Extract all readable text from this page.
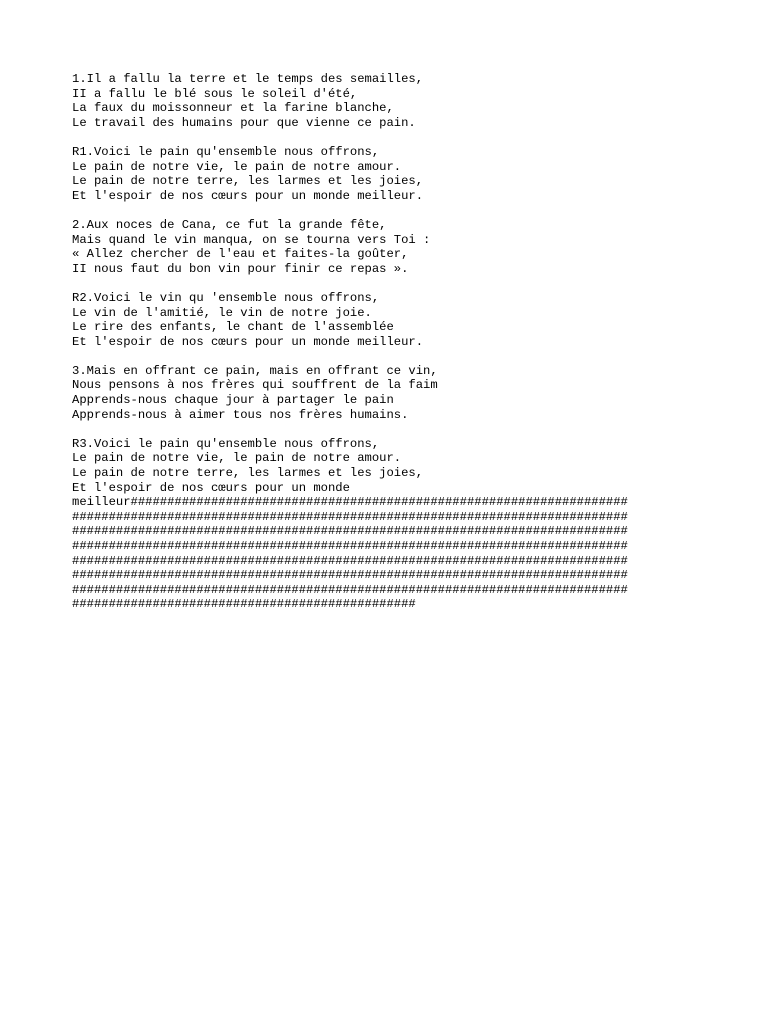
1.Il a fallu la terre et le temps des semailles,
II a fallu le blé sous le soleil d'été,
La faux du moissonneur et la farine blanche,
Le travail des humains pour que vienne ce pain.
R1.Voici le pain qu'ensemble nous offrons,
Le pain de notre vie, le pain de notre amour.
Le pain de notre terre, les larmes et les joies,
Et l'espoir de nos cœurs pour un monde meilleur.
2.Aux noces de Cana, ce fut la grande fête,
Mais quand le vin manqua, on se tourna vers Toi :
« Allez chercher de l'eau et faites-la goûter,
II nous faut du bon vin pour finir ce repas ».
R2.Voici le vin qu 'ensemble nous offrons,
Le vin de l'amitié, le vin de notre joie.
Le rire des enfants, le chant de l'assemblée
Et l'espoir de nos cœurs pour un monde meilleur.
3.Mais en offrant ce pain, mais en offrant ce vin,
Nous pensons à nos frères qui souffrent de la faim
Apprends-nous chaque jour à partager le pain
Apprends-nous à aimer tous nos frères humains.
R3.Voici le pain qu'ensemble nous offrons,
Le pain de notre vie, le pain de notre amour.
Le pain de notre terre, les larmes et les joies,
Et l'espoir de nos cœurs pour un monde
meilleur####################################################################
############################################################################
############################################################################
############################################################################
############################################################################
############################################################################
############################################################################
###############################################
